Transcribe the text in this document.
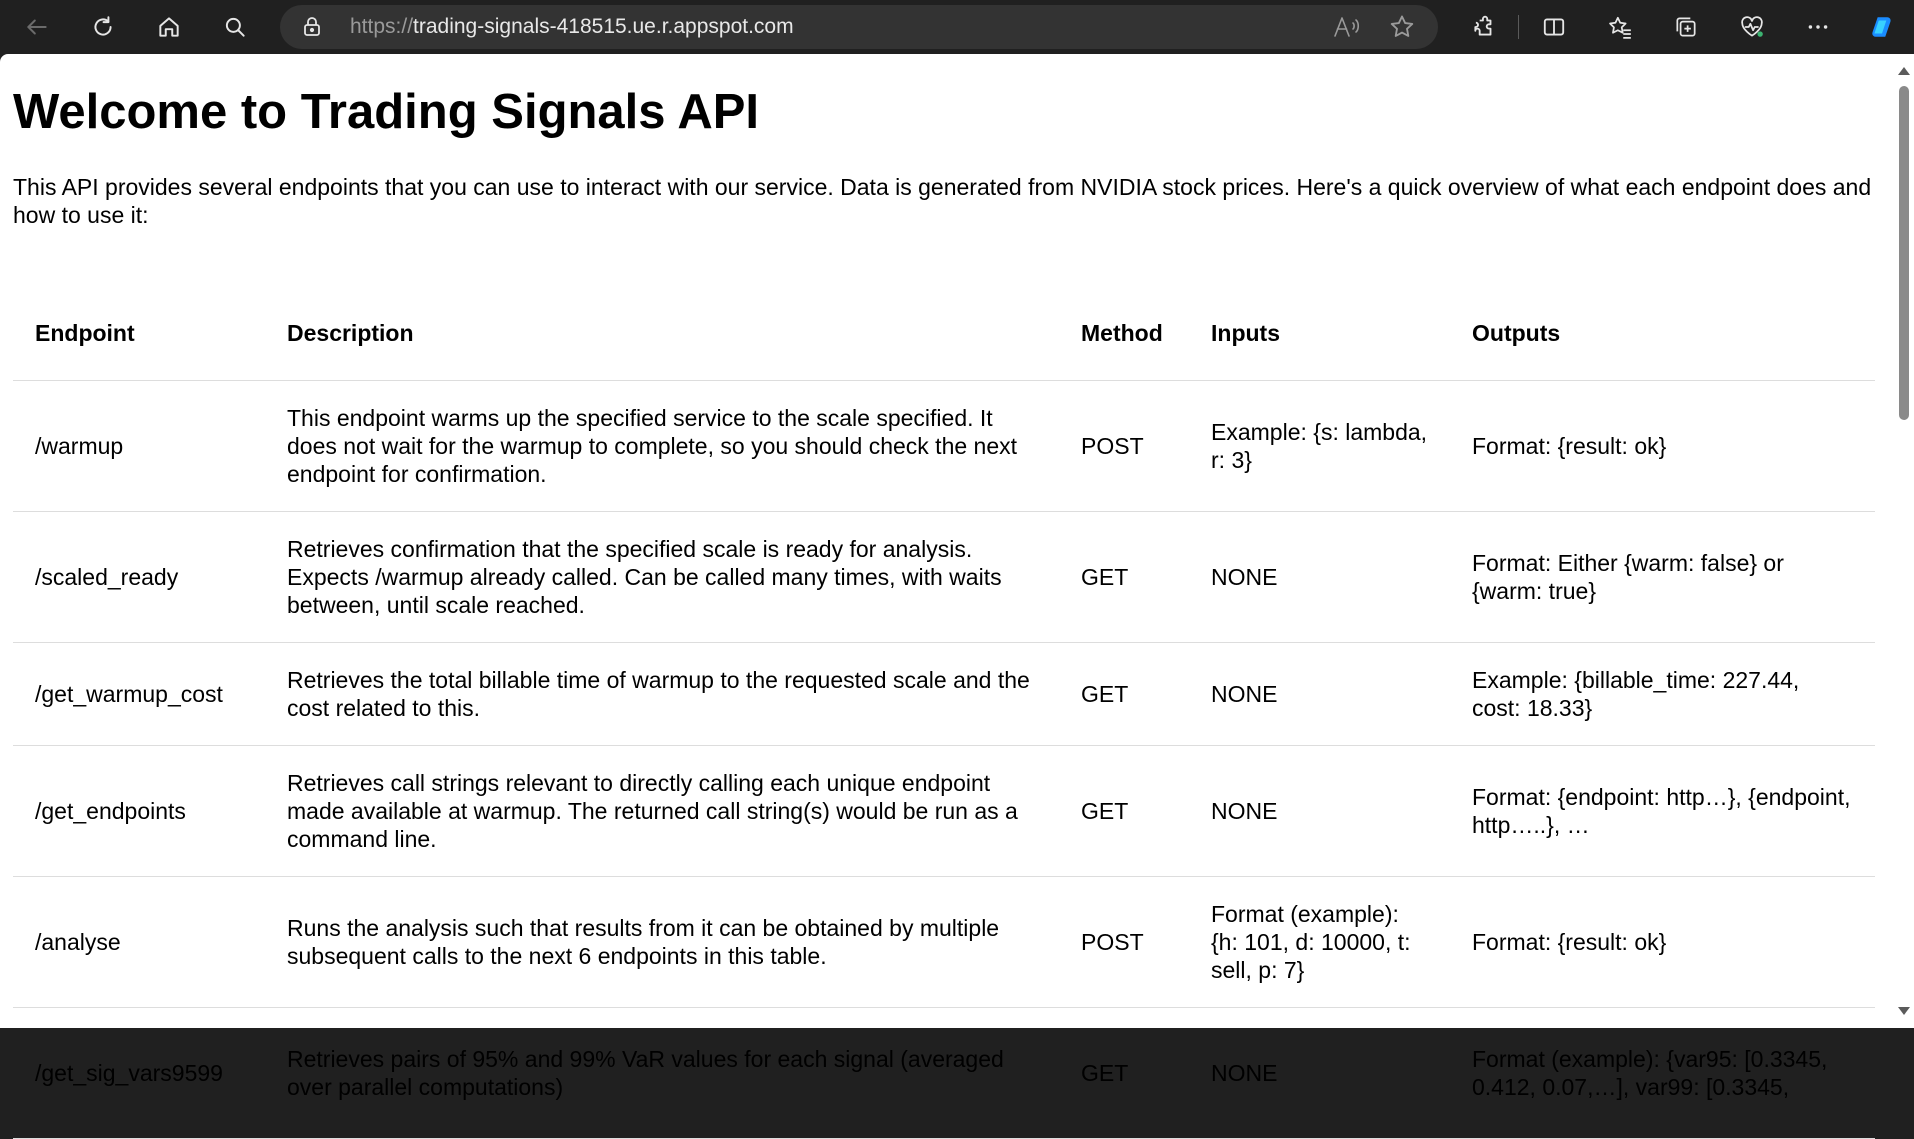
https://trading-signals-418515.ue.r.appspot.com
Welcome to Trading Signals API

This API provides several endpoints that you can use to interact with our service. Data is generated from NVIDIA stock prices. Here's a quick overview of what each endpoint does and how to use it:

Endpoint	Description	Method	Inputs	Outputs
/warmup	This endpoint warms up the specified service to the scale specified. It does not wait for the warmup to complete, so you should check the next endpoint for confirmation.	POST	Example: {s: lambda, r: 3}	Format: {result: ok}
/scaled_ready	Retrieves confirmation that the specified scale is ready for analysis. Expects /warmup already called. Can be called many times, with waits between, until scale reached.	GET	NONE	Format: Either {warm: false} or {warm: true}
/get_warmup_cost	Retrieves the total billable time of warmup to the requested scale and the cost related to this.	GET	NONE	Example: {billable_time: 227.44, cost: 18.33}
/get_endpoints	Retrieves call strings relevant to directly calling each unique endpoint made available at warmup. The returned call string(s) would be run as a command line.	GET	NONE	Format: {endpoint: http…}, {endpoint, http…..}, …
/analyse	Runs the analysis such that results from it can be obtained by multiple subsequent calls to the next 6 endpoints in this table.	POST	Format (example): {h: 101, d: 10000, t: sell, p: 7}	Format: {result: ok}
/get_sig_vars9599	Retrieves pairs of 95% and 99% VaR values for each signal (averaged over parallel computations)	GET	NONE	Format (example): {var95: [0.3345, 0.412, 0.07,…], var99: [0.3345,
